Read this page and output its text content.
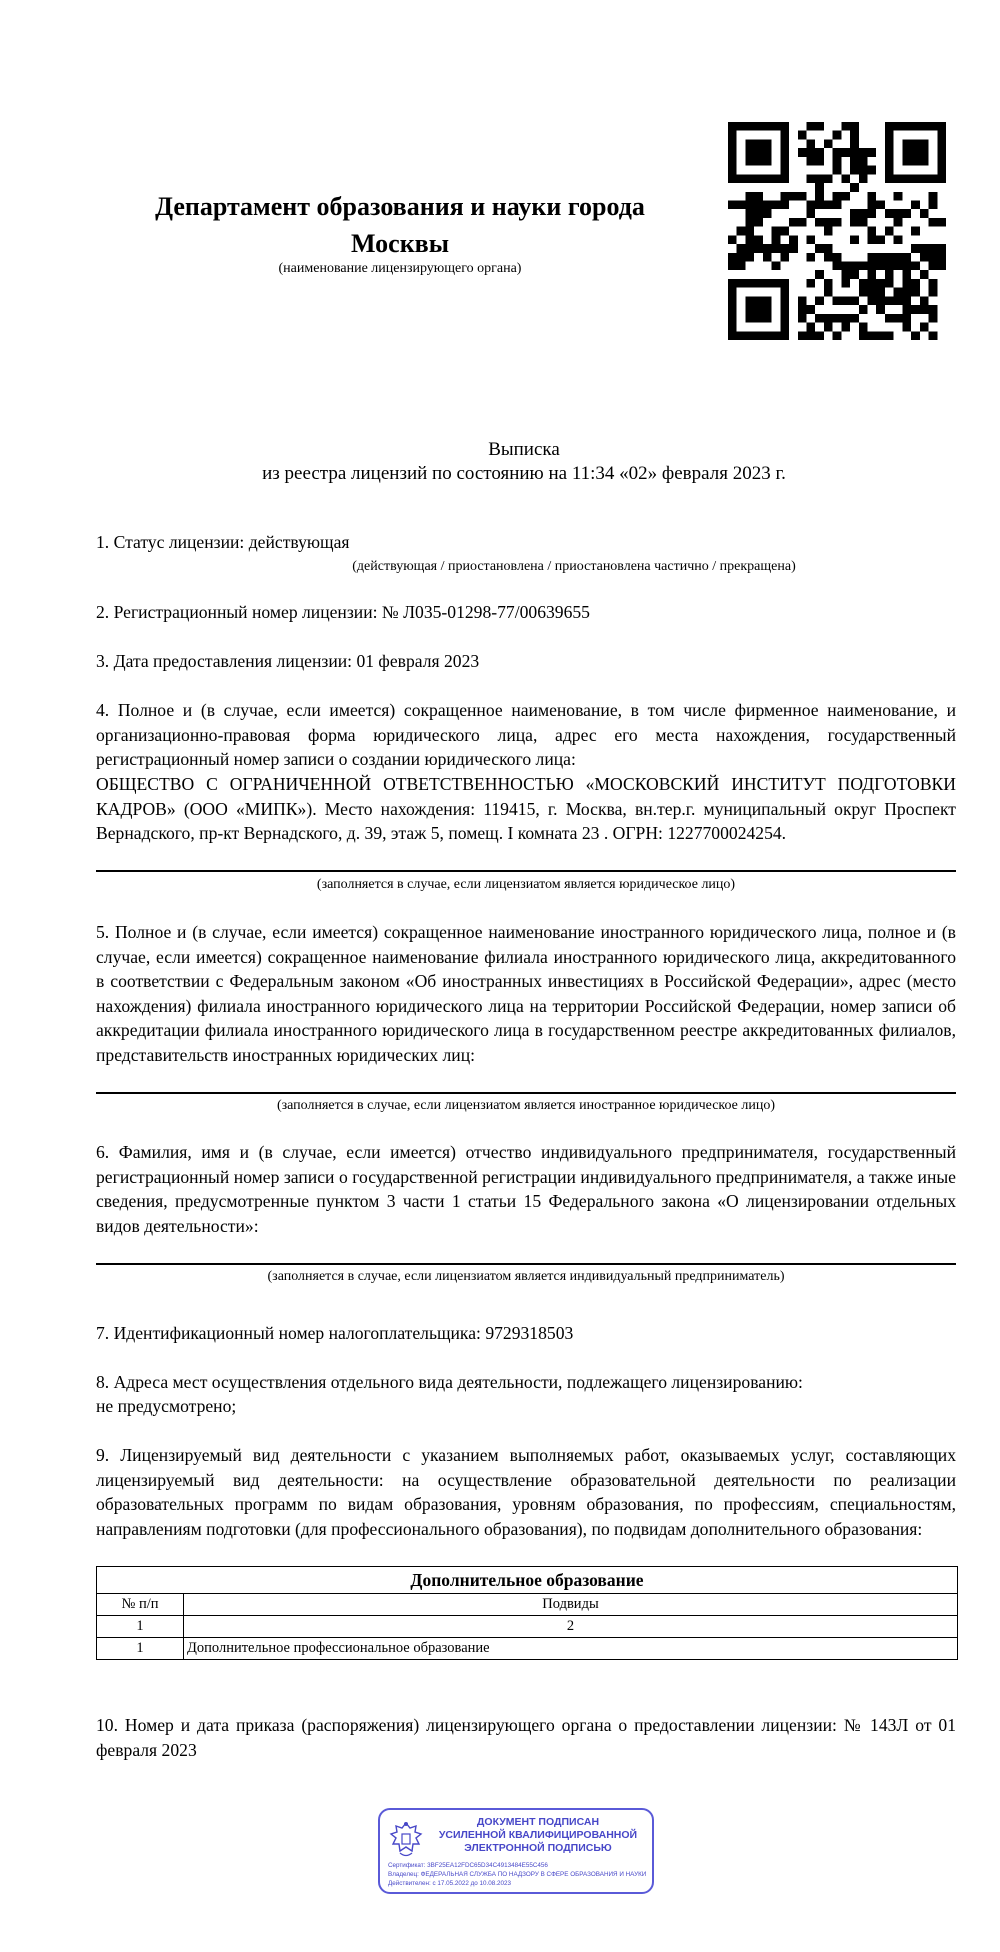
Департамент образования и науки города Москвы
(наименование лицензирующего органа)
Выписка
из реестра лицензий по состоянию на 11:34 «02» февраля 2023 г.
1. Статус лицензии: действующая
(действующая / приостановлена / приостановлена частично / прекращена)
2. Регистрационный номер лицензии: № Л035-01298-77/00639655
3. Дата предоставления лицензии: 01 февраля 2023
4. Полное и (в случае, если имеется) сокращенное наименование, в том числе фирменное наименование, и организационно-правовая форма юридического лица, адрес его места нахождения, государственный регистрационный номер записи о создании юридического лица:
ОБЩЕСТВО С ОГРАНИЧЕННОЙ ОТВЕТСТВЕННОСТЬЮ «МОСКОВСКИЙ ИНСТИТУТ ПОДГОТОВКИ КАДРОВ» (ООО «МИПК»). Место нахождения: 119415, г. Москва, вн.тер.г. муниципальный округ Проспект Вернадского, пр-кт Вернадского, д. 39, этаж 5, помещ. I комната 23 . ОГРН: 1227700024254.
(заполняется в случае, если лицензиатом является юридическое лицо)
5. Полное и (в случае, если имеется) сокращенное наименование иностранного юридического лица, полное и (в случае, если имеется) сокращенное наименование филиала иностранного юридического лица, аккредитованного в соответствии с Федеральным законом «Об иностранных инвестициях в Российской Федерации», адрес (место нахождения) филиала иностранного юридического лица на территории Российской Федерации, номер записи об аккредитации филиала иностранного юридического лица в государственном реестре аккредитованных филиалов, представительств иностранных юридических лиц:
(заполняется в случае, если лицензиатом является иностранное юридическое лицо)
6. Фамилия, имя и (в случае, если имеется) отчество индивидуального предпринимателя, государственный регистрационный номер записи о государственной регистрации индивидуального предпринимателя, а также иные сведения, предусмотренные пунктом 3 части 1 статьи 15 Федерального закона «О лицензировании отдельных видов деятельности»:
(заполняется в случае, если лицензиатом является индивидуальный предприниматель)
7. Идентификационный номер налогоплательщика: 9729318503
8. Адреса мест осуществления отдельного вида деятельности, подлежащего лицензированию:
не предусмотрено;
9. Лицензируемый вид деятельности с указанием выполняемых работ, оказываемых услуг, составляющих лицензируемый вид деятельности: на осуществление образовательной деятельности по реализации образовательных программ по видам образования, уровням образования, по профессиям, специальностям, направлениям подготовки (для профессионального образования), по подвидам дополнительного образования:
Дополнительное образование	
№ п/п	Подвиды
1	2
1	Дополнительное профессиональное образование
10. Номер и дата приказа (распоряжения) лицензирующего органа о предоставлении лицензии: № 143Л от 01 февраля 2023
ДОКУМЕНТ ПОДПИСАН
УСИЛЕННОЙ КВАЛИФИЦИРОВАННОЙ
ЭЛЕКТРОННОЙ ПОДПИСЬЮ
Сертификат: 3BF25EA12FDC65D34C4913484E55C456
Владелец: ФЕДЕРАЛЬНАЯ СЛУЖБА ПО НАДЗОРУ В СФЕРЕ ОБРАЗОВАНИЯ И НАУКИ
Действителен: с 17.05.2022 до 10.08.2023
